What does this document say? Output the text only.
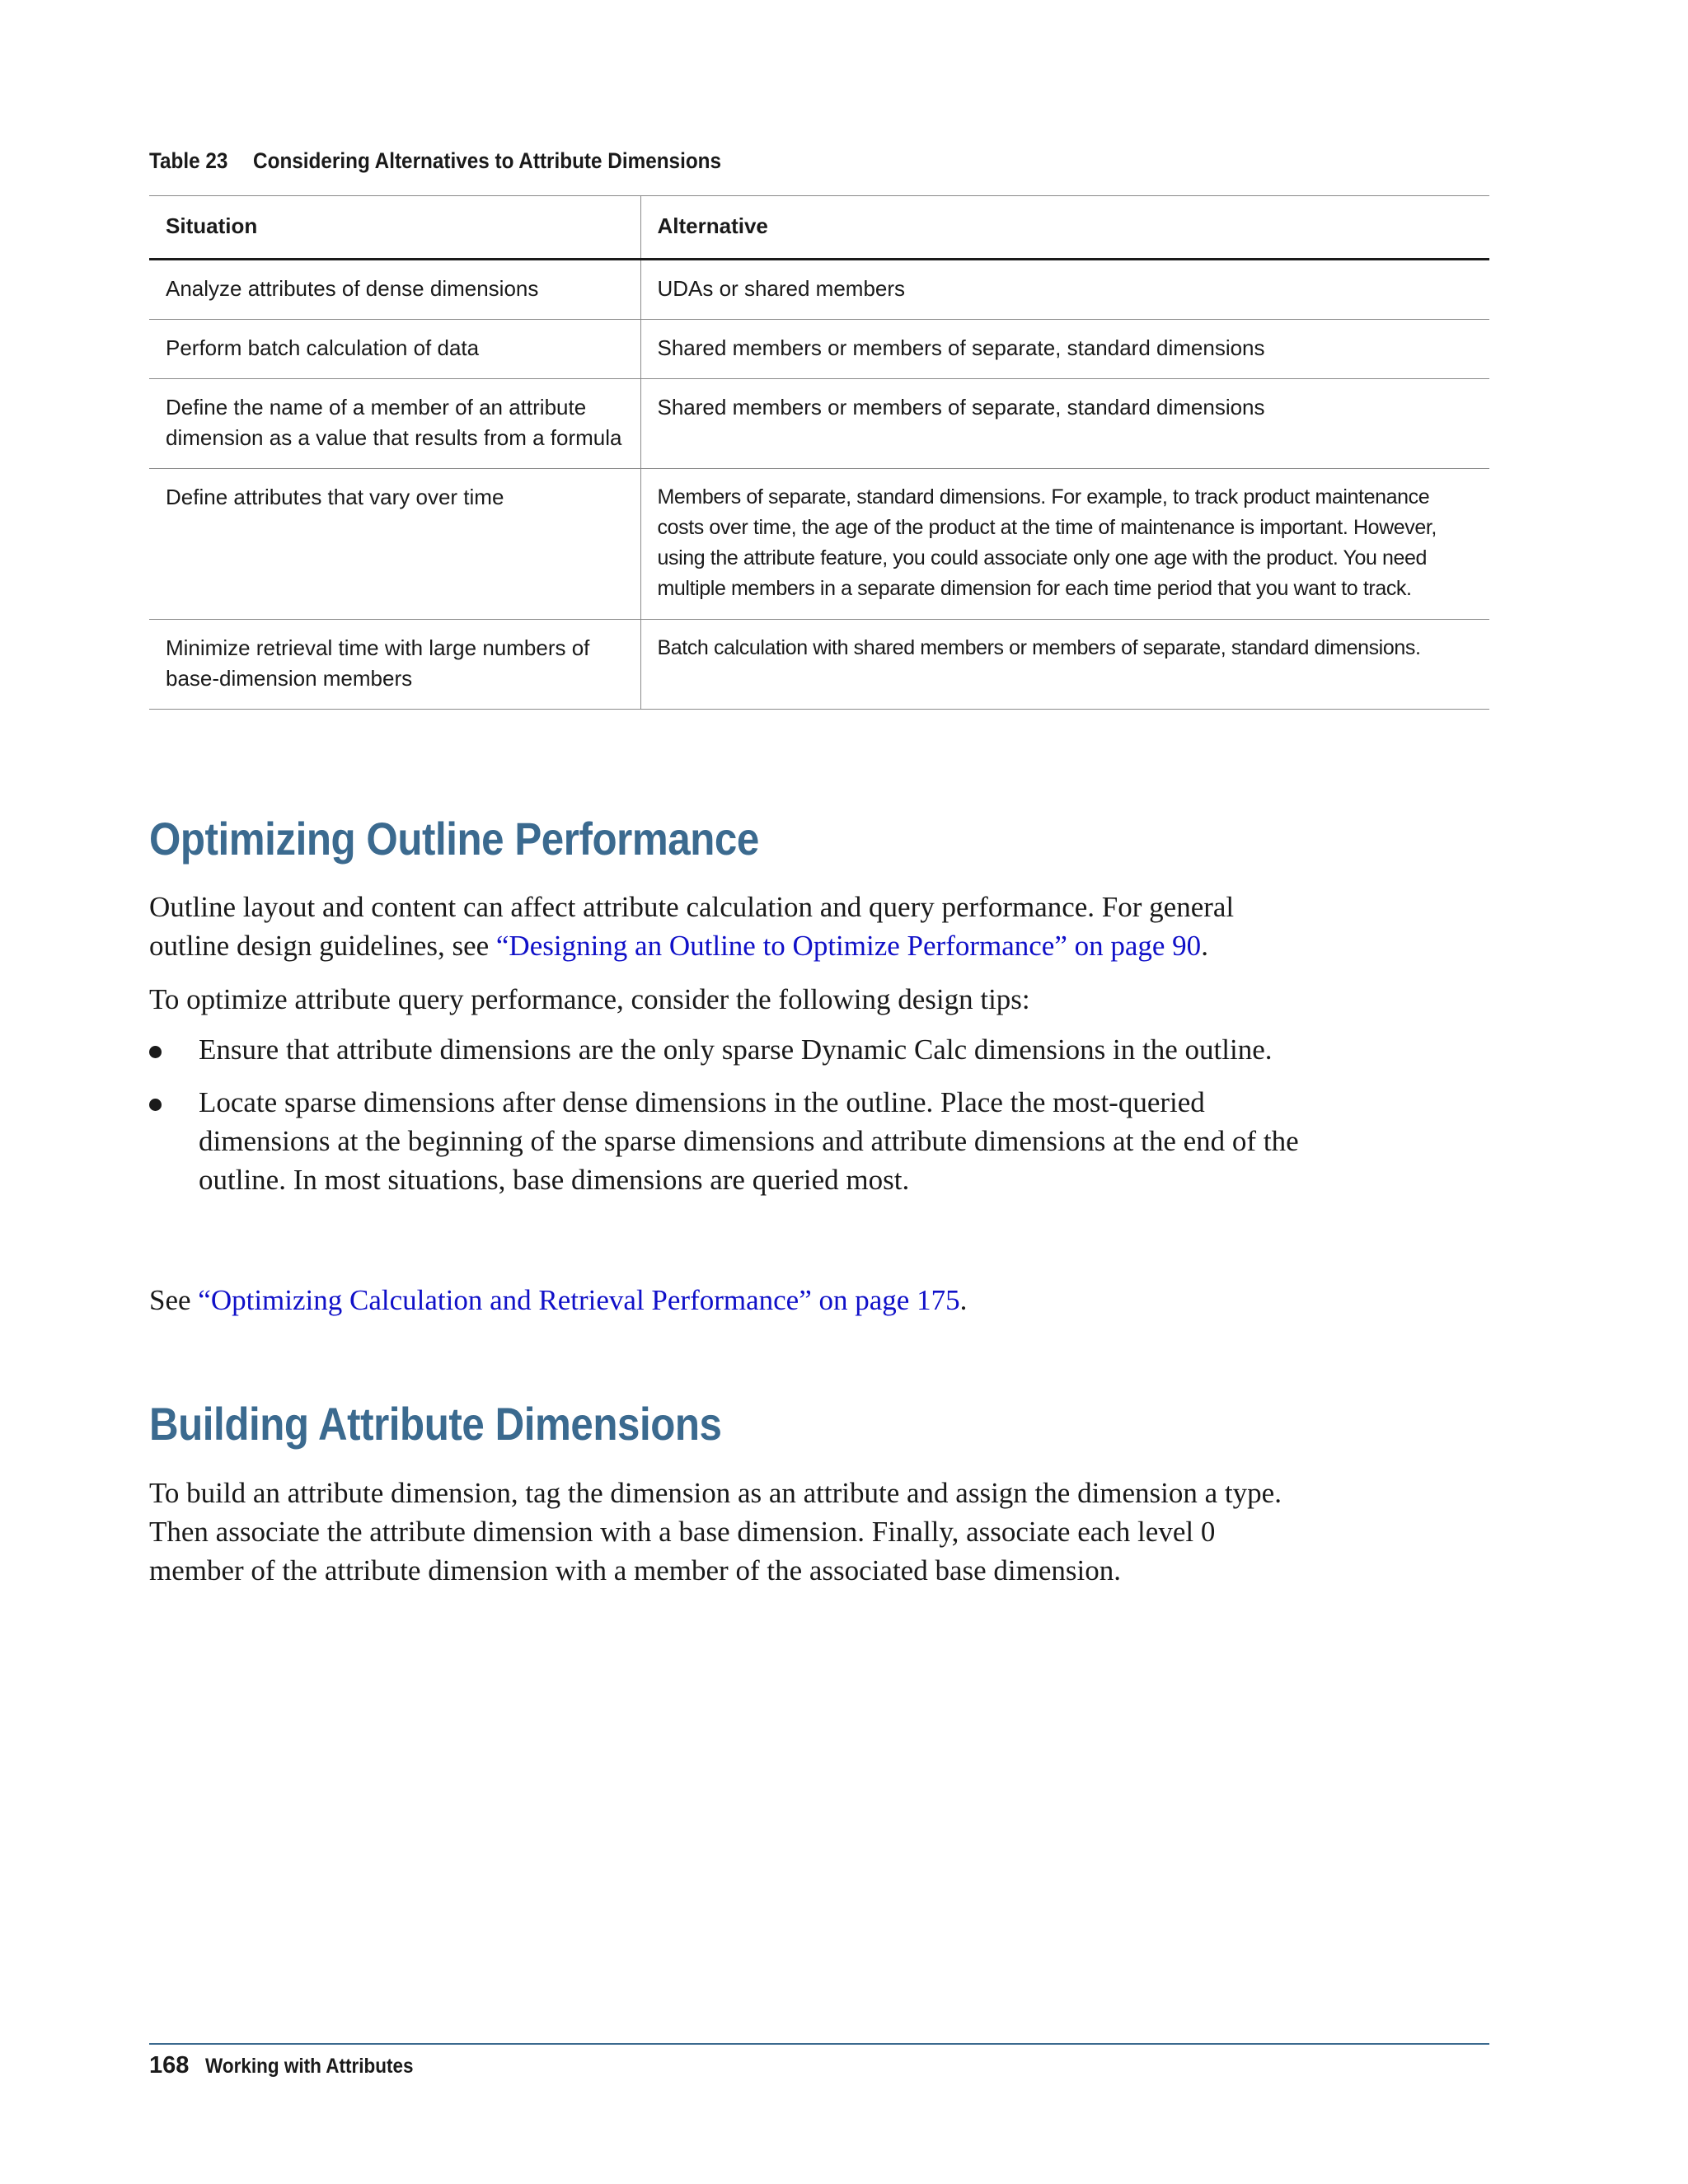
Table 23 Considering Alternatives to Attribute Dimensions
Situation	Alternative
Analyze attributes of dense dimensions	UDAs or shared members
Perform batch calculation of data	Shared members or members of separate, standard dimensions
Define the name of a member of an attribute dimension as a value that results from a formula	Shared members or members of separate, standard dimensions
Define attributes that vary over time	Members of separate, standard dimensions. For example, to track product maintenance costs over time, the age of the product at the time of maintenance is important. However, using the attribute feature, you could associate only one age with the product. You need multiple members in a separate dimension for each time period that you want to track.
Minimize retrieval time with large numbers of base-dimension members	Batch calculation with shared members or members of separate, standard dimensions.
Optimizing Outline Performance

Outline layout and content can affect attribute calculation and query performance. For general outline design guidelines, see “Designing an Outline to Optimize Performance” on page 90.

To optimize attribute query performance, consider the following design tips:

Ensure that attribute dimensions are the only sparse Dynamic Calc dimensions in the outline.
Locate sparse dimensions after dense dimensions in the outline. Place the most-queried dimensions at the beginning of the sparse dimensions and attribute dimensions at the end of the outline. In most situations, base dimensions are queried most.

See “Optimizing Calculation and Retrieval Performance” on page 175.

Building Attribute Dimensions

To build an attribute dimension, tag the dimension as an attribute and assign the dimension a type. Then associate the attribute dimension with a base dimension. Finally, associate each level 0 member of the attribute dimension with a member of the associated base dimension.

168 Working with Attributes
